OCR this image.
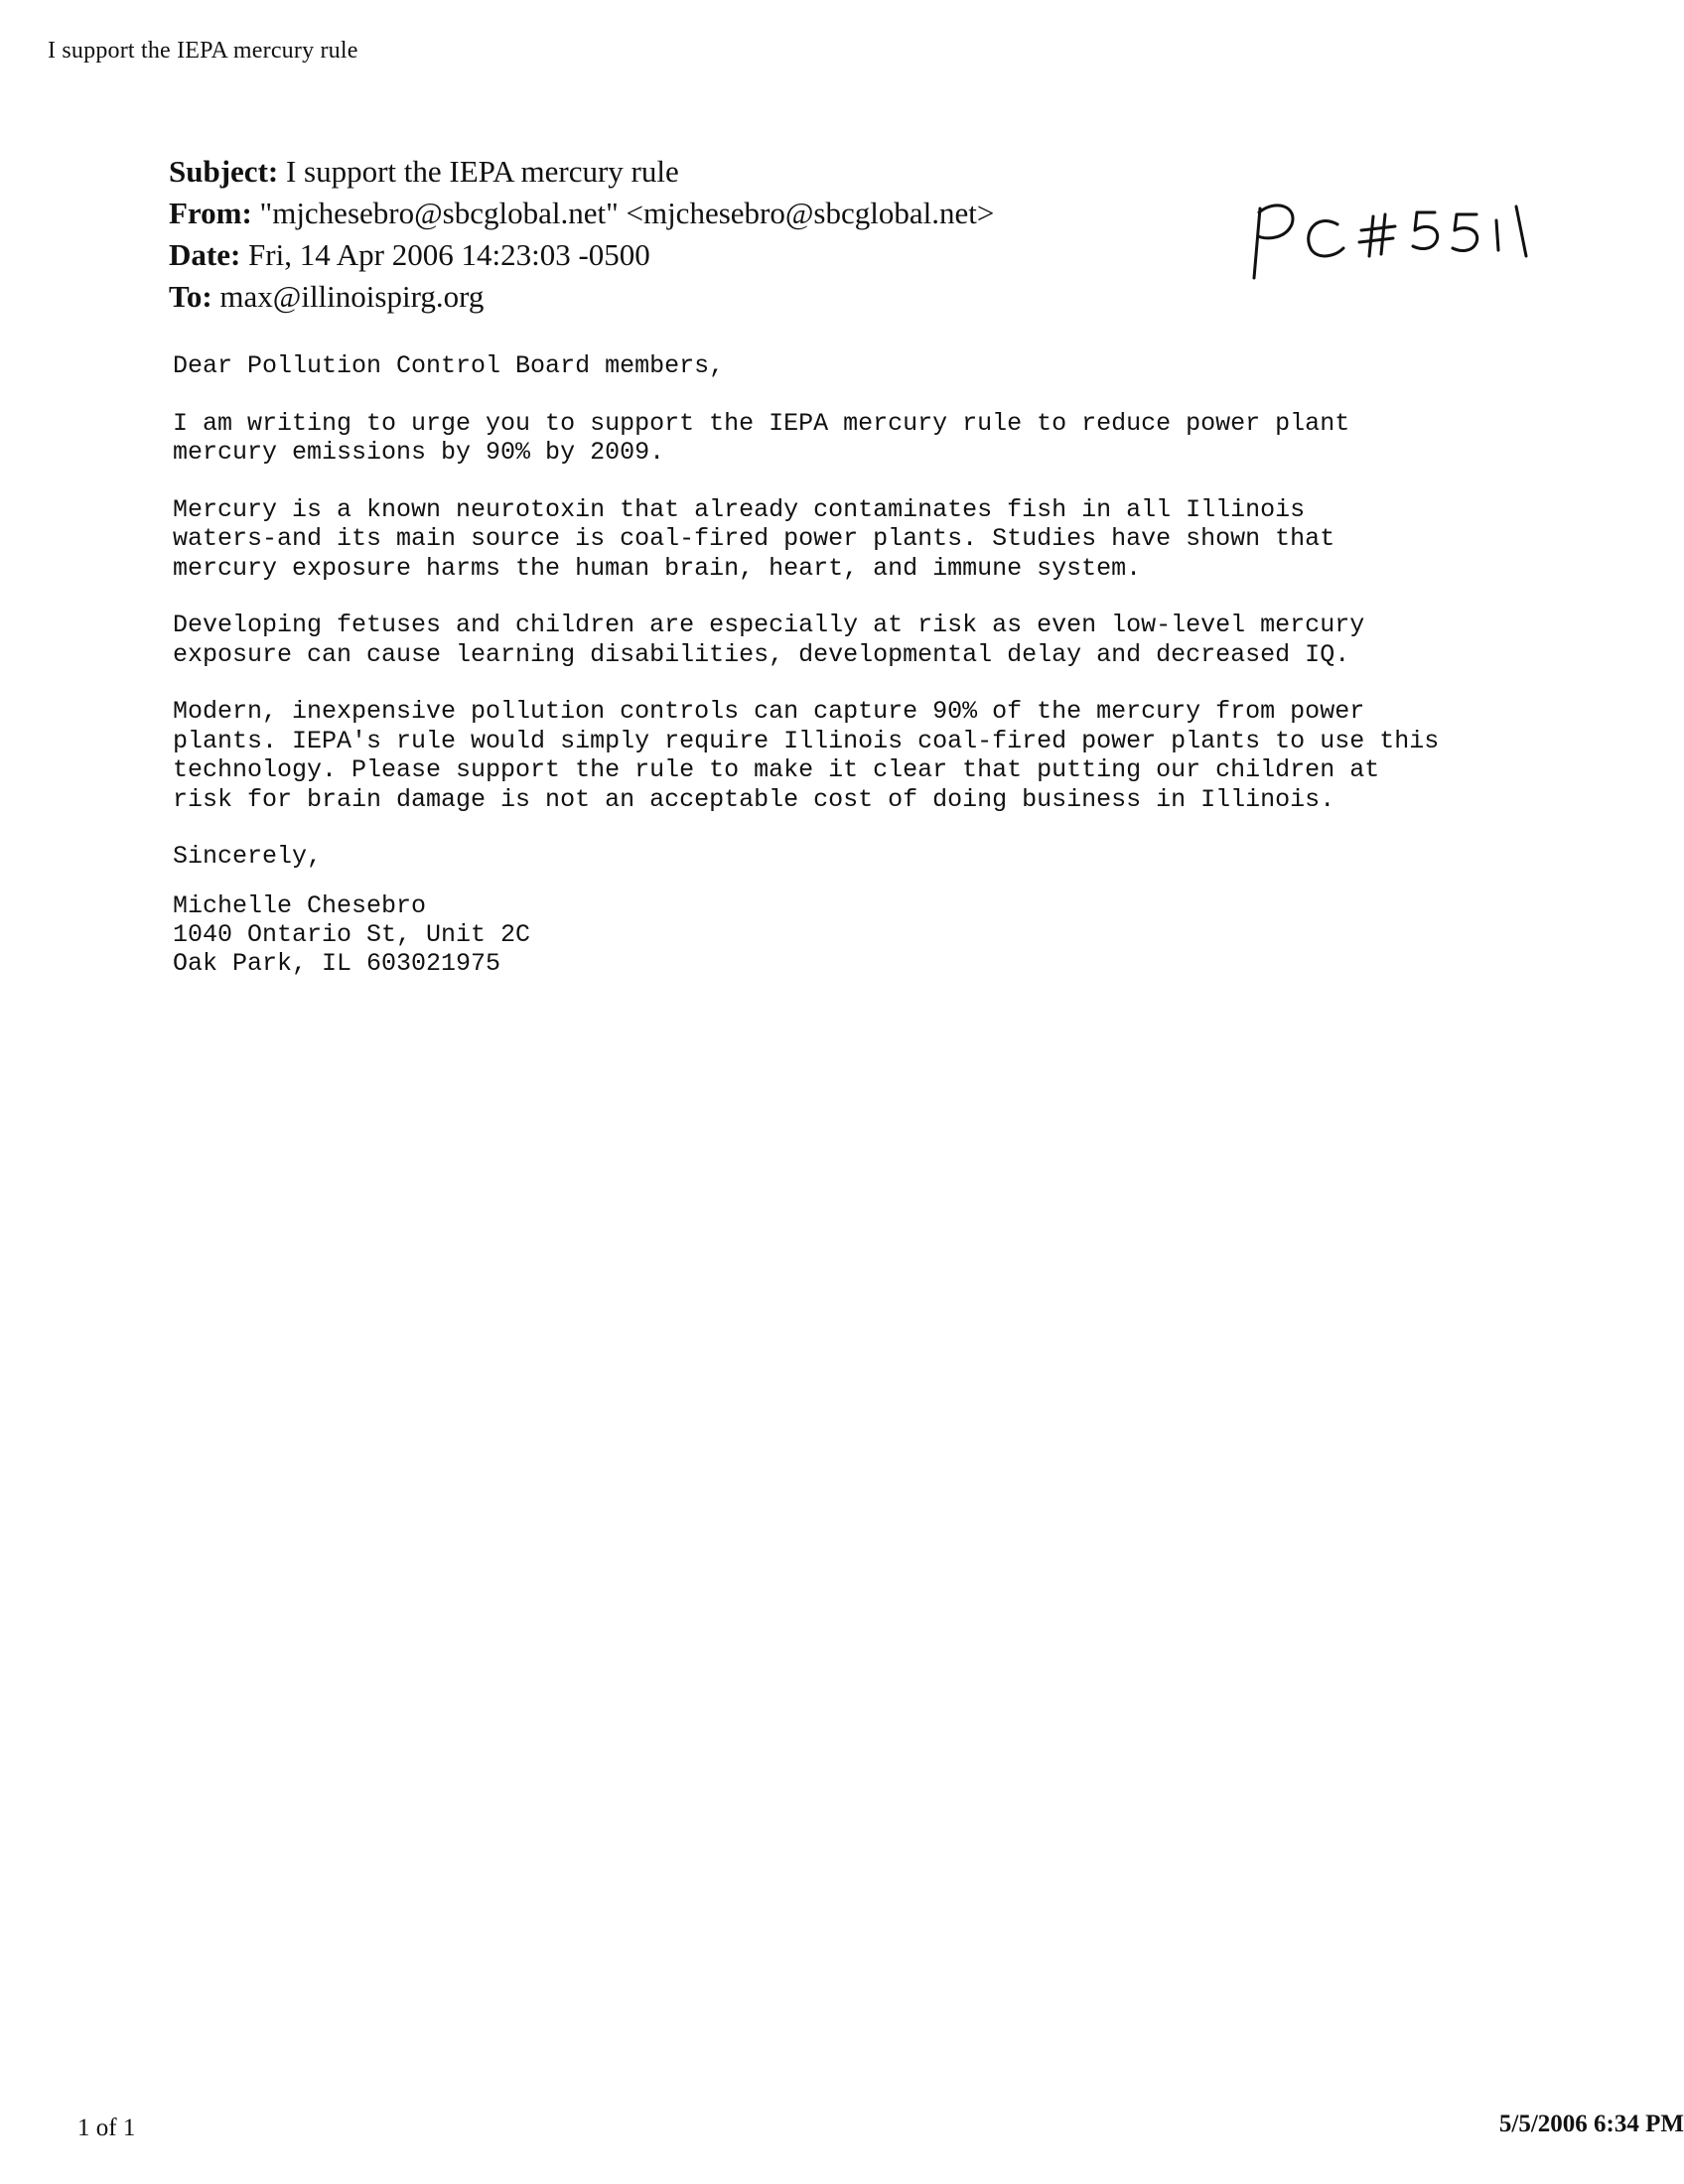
I support the IEPA mercury rule
Subject: I support the IEPA mercury rule
From: "mjchesebro@sbcglobal.net" <mjchesebro@sbcglobal.net>
Date: Fri, 14 Apr 2006 14:23:03 -0500
To: max@illinoispirg.org

Dear Pollution Control Board members,

I am writing to urge you to support the IEPA mercury rule to reduce power plant
mercury emissions by 90% by 2009.

Mercury is a known neurotoxin that already contaminates fish in all Illinois
waters-and its main source is coal-fired power plants. Studies have shown that
mercury exposure harms the human brain, heart, and immune system.

Developing fetuses and children are especially at risk as even low-level mercury
exposure can cause learning disabilities, developmental delay and decreased IQ.

Modern, inexpensive pollution controls can capture 90% of the mercury from power
plants. IEPA's rule would simply require Illinois coal-fired power plants to use this
technology. Please support the rule to make it clear that putting our children at
risk for brain damage is not an acceptable cost of doing business in Illinois.

Sincerely,

Michelle Chesebro
1040 Ontario St, Unit 2C
Oak Park, IL 603021975
1 of 1	5/5/2006 6:34 PM
